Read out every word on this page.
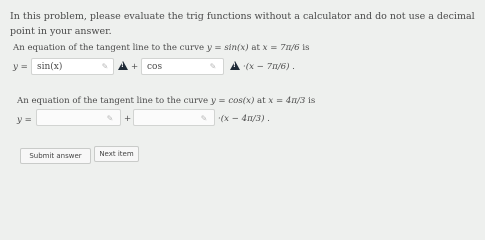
In this problem, please evaluate the trig functions without a calculator and do not use a decimal point in your answer.
An equation of the tangent line to the curve y = sin(x) at x = 7π/6 is
y =	sin(x)	✎ ! + cos	✎	! ·(x − 7π/6) .
An equation of the tangent line to the curve y = cos(x) at x = 4π/3 is
y =	✎ +	✎ ·(x − 4π/3) .
Submit answer	Next item
